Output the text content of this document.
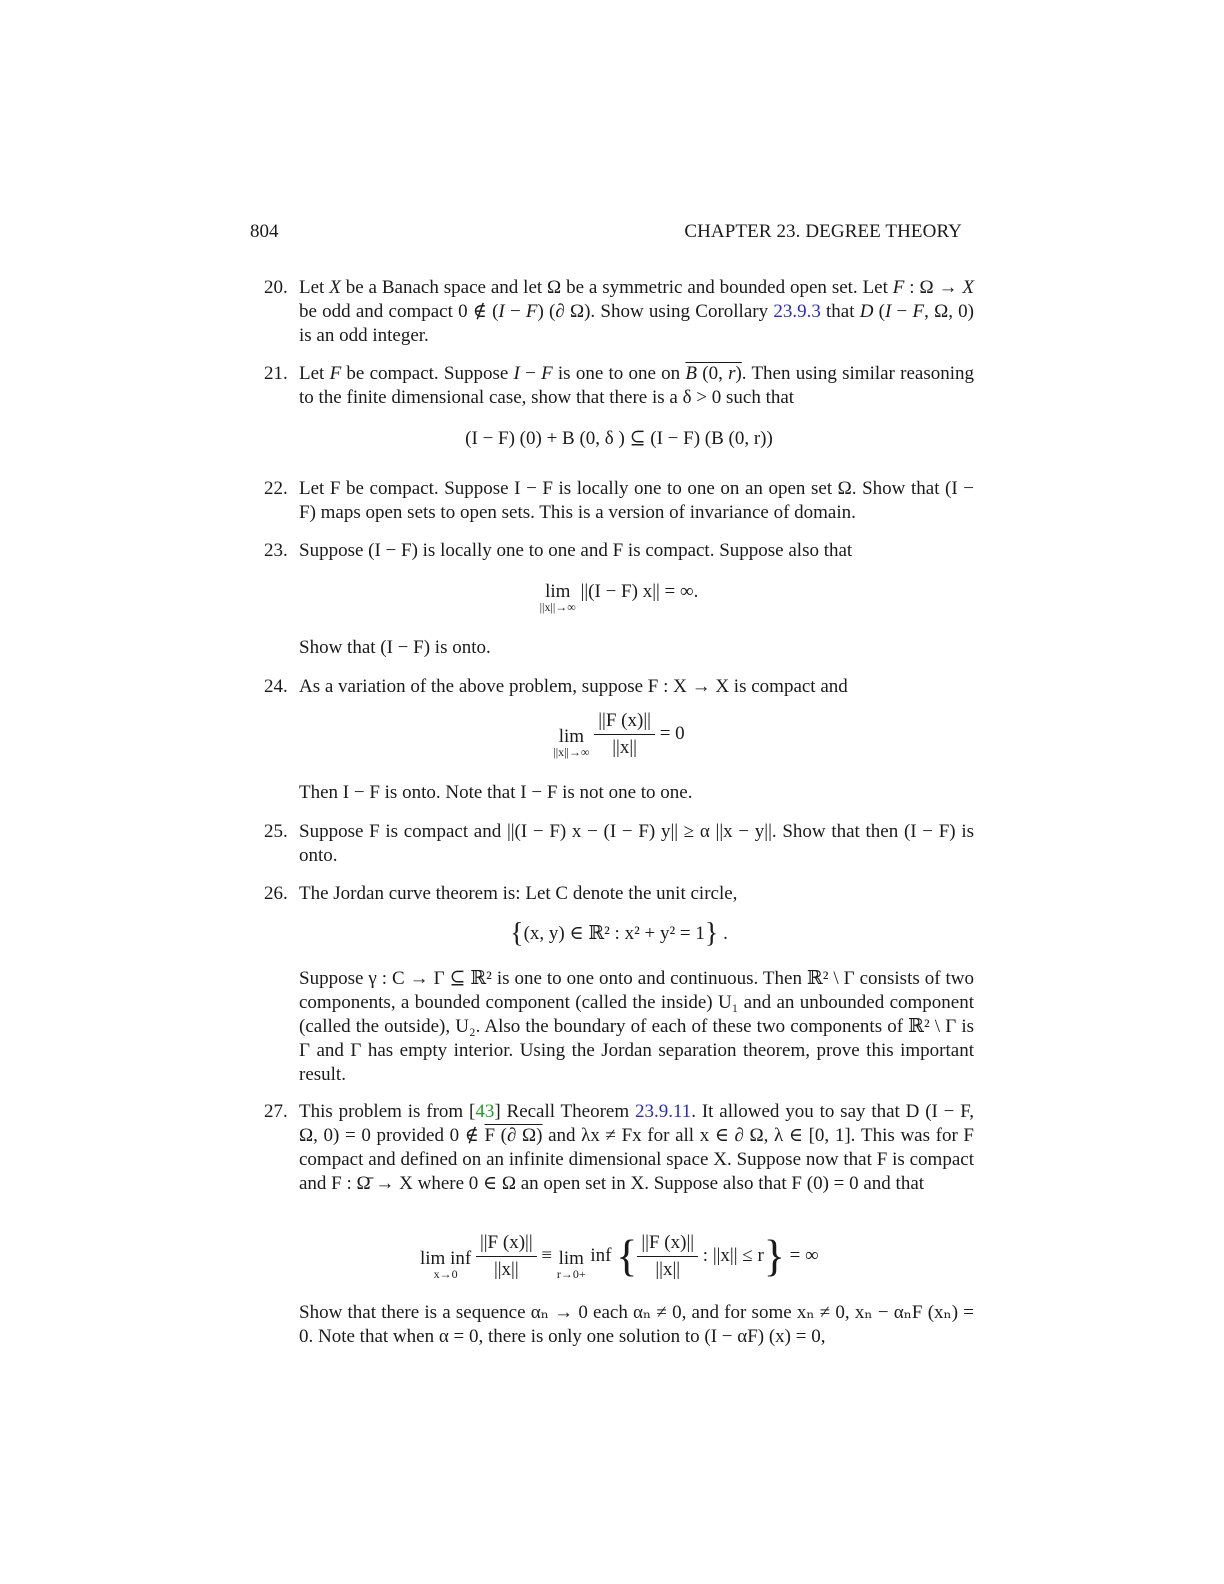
804	CHAPTER 23. DEGREE THEORY
20. Let X be a Banach space and let Ω be a symmetric and bounded open set. Let F : Ω → X be odd and compact 0 ∉ (I − F) (∂ Ω). Show using Corollary 23.9.3 that D (I − F, Ω, 0) is an odd integer.
21. Let F be compact. Suppose I − F is one to one on B (0, r). Then using similar reasoning to the finite dimensional case, show that there is a δ > 0 such that
(I − F) (0) + B (0, δ ) ⊆ (I − F) (B (0, r))
22. Let F be compact. Suppose I − F is locally one to one on an open set Ω. Show that (I − F) maps open sets to open sets. This is a version of invariance of domain.
23. Suppose (I − F) is locally one to one and F is compact. Suppose also that
lim
||x||→∞
||(I − F) x|| = ∞.
Show that (I − F) is onto.
24. As a variation of the above problem, suppose F : X → X is compact and
lim
||x||→∞
$\frac{||F (x)||}{||x||} = 0$
Then I − F is onto. Note that I − F is not one to one.
25. Suppose F is compact and ||(I − F) x − (I − F) y|| ≥ α ||x − y||. Show that then (I − F) is onto.
26. The Jordan curve theorem is: Let C denote the unit circle,
{(x, y) ∈ ℝ² : x² + y² = 1} .
Suppose γ : C → Γ ⊆ ℝ² is one to one onto and continuous. Then ℝ² \ Γ consists of two components, a bounded component (called the inside) U₁ and an unbounded component (called the outside), U₂. Also the boundary of each of these two components of ℝ² \ Γ is Γ and Γ has empty interior. Using the Jordan separation theorem, prove this important result.
27. This problem is from [43] Recall Theorem 23.9.11. It allowed you to say that D (I − F, Ω, 0) = 0 provided 0 ∉ F (∂ Ω) and λx ≠ Fx for all x ∈ ∂ Ω, λ ∈ [0, 1]. This was for F compact and defined on an infinite dimensional space X. Suppose now that F is compact and F : Ω̄ → X where 0 ∈ Ω an open set in X. Suppose also that F (0) = 0 and that
lim inf
x→0
$\frac{||F (x)||}{||x||} \equiv \lim$
r→0+
inf { $\frac{||F (x)||}{||x||}$ : ||x|| ≤ r} = ∞
Show that there is a sequence αₙ → 0 each αₙ ≠ 0, and for some xₙ ≠ 0, xₙ − αₙF (xₙ) = 0. Note that when α = 0, there is only one solution to (I − αF) (x) = 0,
